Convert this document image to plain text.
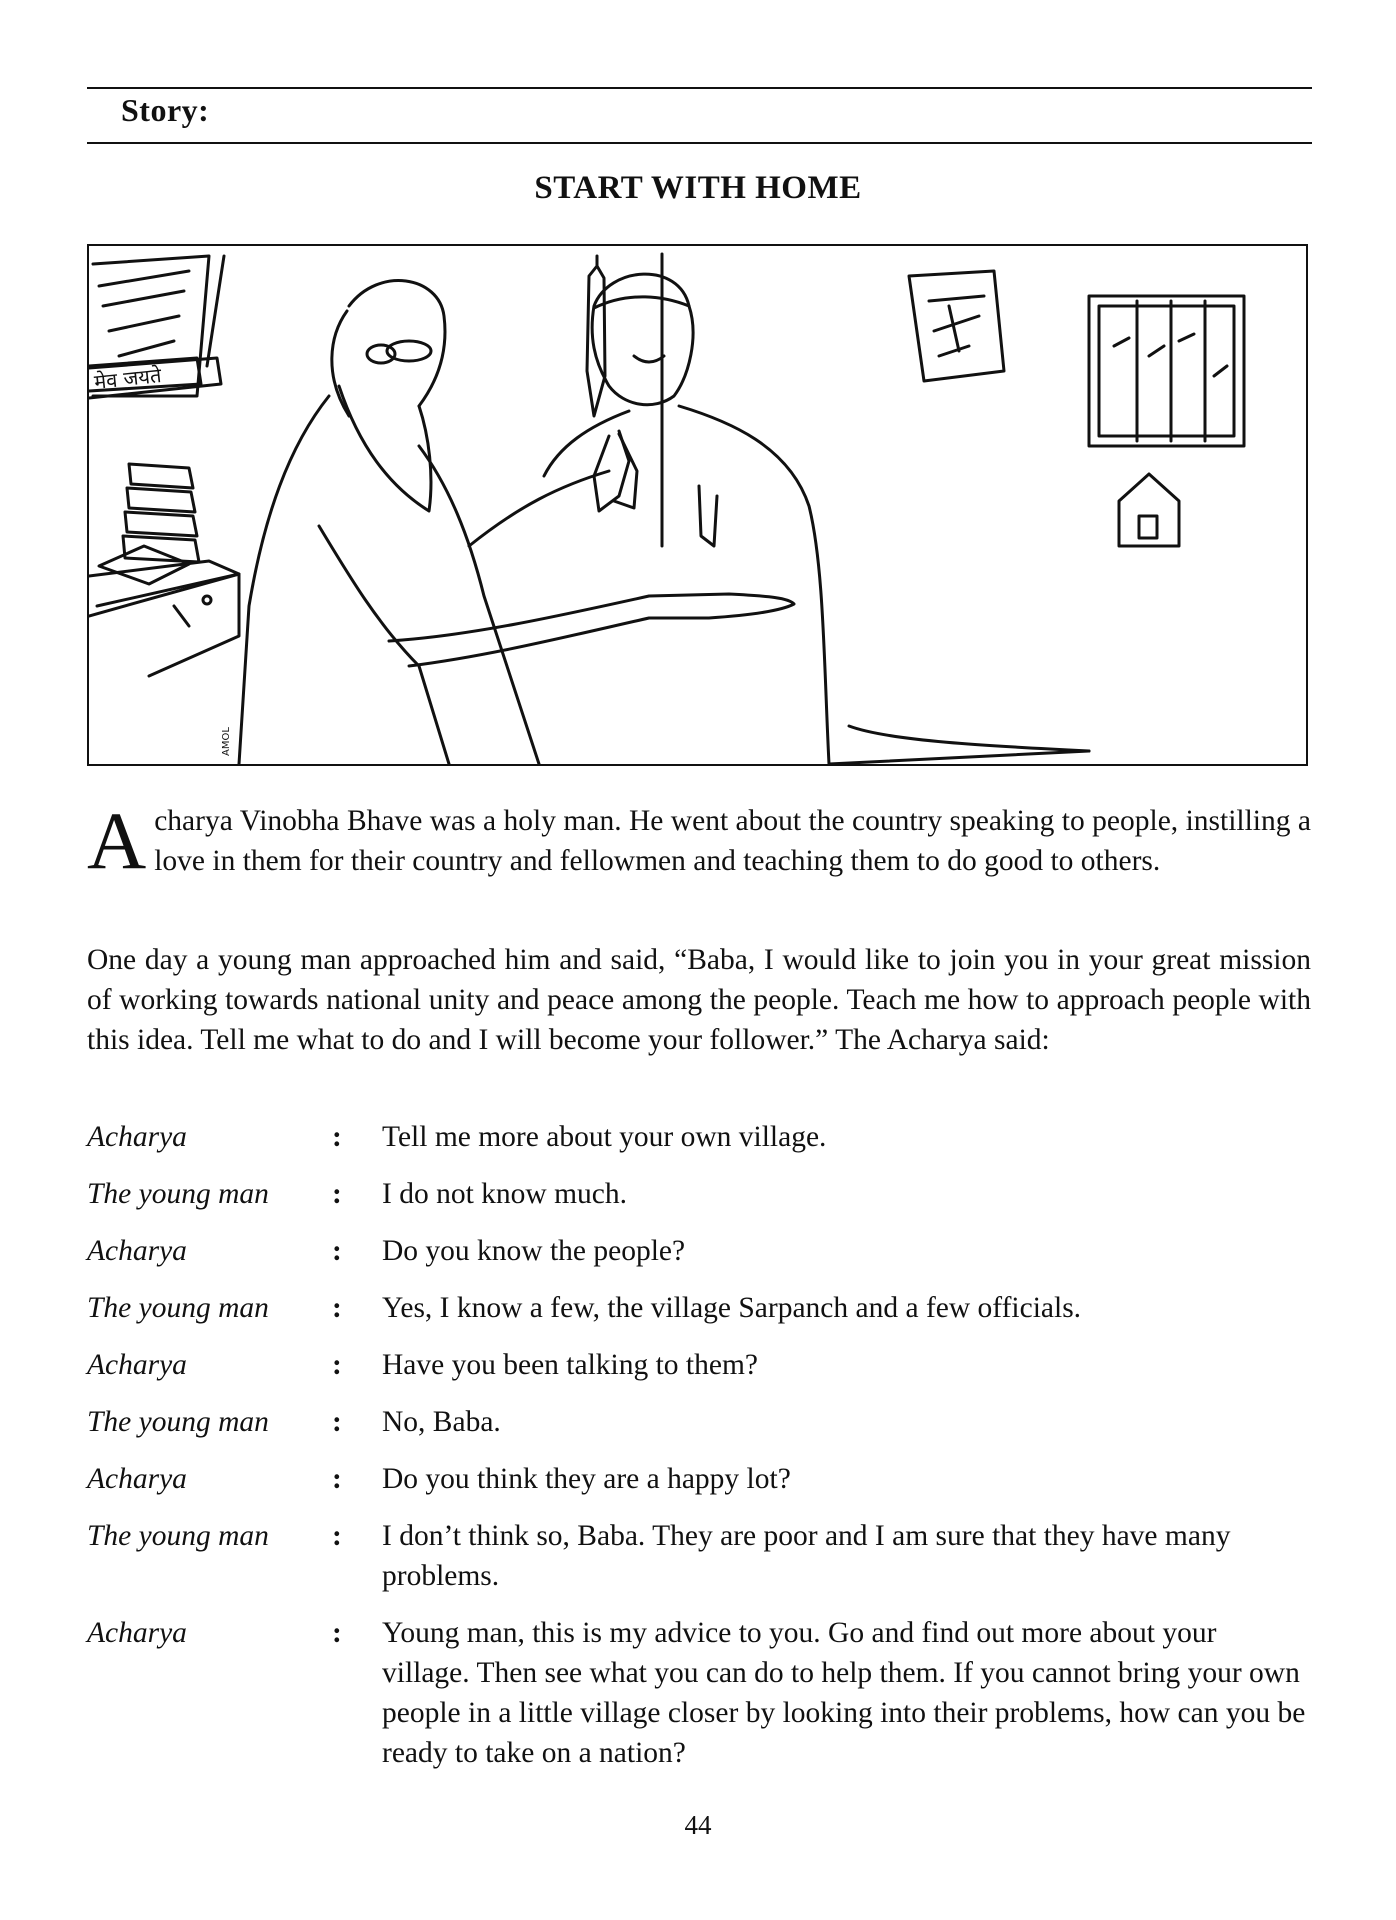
Story:
START WITH HOME
मेव जयते
AMOL

Acharya Vinobha Bhave was a holy man. He went about the country speaking to people, instilling a love in them for their country and fellowmen and teaching them to do good to others.

One day a young man approached him and said, “Baba, I would like to join you in your great mission of working towards national unity and peace among the people. Teach me how to approach people with this idea. Tell me what to do and I will become your follower.” The Acharya said:

Acharya	:	Tell me more about your own village.
The young man	:	I do not know much.
Acharya	:	Do you know the people?
The young man	:	Yes, I know a few, the village Sarpanch and a few officials.
Acharya	:	Have you been talking to them?
The young man	:	No, Baba.
Acharya	:	Do you think they are a happy lot?
The young man	:	I don’t think so, Baba. They are poor and I am sure that they have many problems.
Acharya	:	Young man, this is my advice to you. Go and find out more about your village. Then see what you can do to help them. If you cannot bring your own people in a little village closer by looking into their problems, how can you be ready to take on a nation?
44
